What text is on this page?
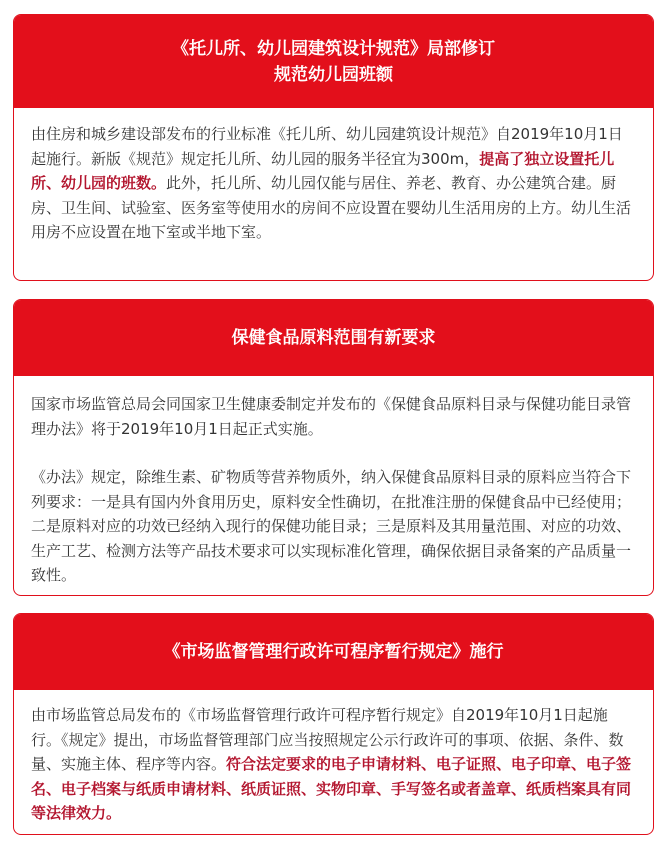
《托儿所、幼儿园建筑设计规范》局部修订
规范幼儿园班额

由住房和城乡建设部发布的行业标准《托儿所、幼儿园建筑设计规范》自2019年10月1日起施行。新版《规范》规定托儿所、幼儿园的服务半径宜为300m，提高了独立设置托儿所、幼儿园的班数。此外，托儿所、幼儿园仅能与居住、养老、教育、办公建筑合建。厨房、卫生间、试验室、医务室等使用水的房间不应设置在婴幼儿生活用房的上方。幼儿生活用房不应设置在地下室或半地下室。

保健食品原料范围有新要求

国家市场监管总局会同国家卫生健康委制定并发布的《保健食品原料目录与保健功能目录管理办法》将于2019年10月1日起正式实施。

《办法》规定，除维生素、矿物质等营养物质外，纳入保健食品原料目录的原料应当符合下列要求：一是具有国内外食用历史，原料安全性确切，在批准注册的保健食品中已经使用；二是原料对应的功效已经纳入现行的保健功能目录；三是原料及其用量范围、对应的功效、生产工艺、检测方法等产品技术要求可以实现标准化管理，确保依据目录备案的产品质量一致性。

《市场监督管理行政许可程序暂行规定》施行

由市场监管总局发布的《市场监督管理行政许可程序暂行规定》自2019年10月1日起施行。《规定》提出，市场监督管理部门应当按照规定公示行政许可的事项、依据、条件、数量、实施主体、程序等内容。符合法定要求的电子申请材料、电子证照、电子印章、电子签名、电子档案与纸质申请材料、纸质证照、实物印章、手写签名或者盖章、纸质档案具有同等法律效力。
